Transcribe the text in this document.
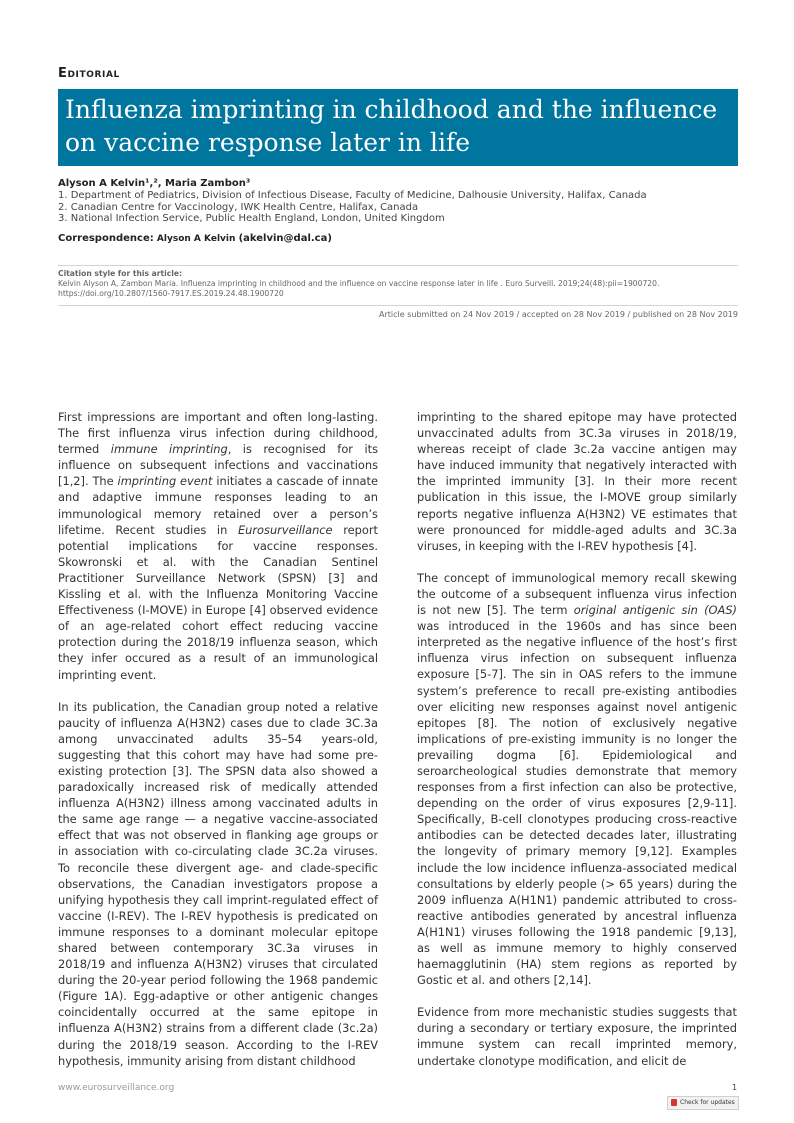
Editorial
Influenza imprinting in childhood and the influence on vaccine response later in life
Alyson A Kelvin¹,², Maria Zambon³
1. Department of Pediatrics, Division of Infectious Disease, Faculty of Medicine, Dalhousie University, Halifax, Canada
2. Canadian Centre for Vaccinology, IWK Health Centre, Halifax, Canada
3. National Infection Service, Public Health England, London, United Kingdom
Correspondence: Alyson A Kelvin (akelvin@dal.ca)
Citation style for this article:
Kelvin Alyson A, Zambon Maria. Influenza imprinting in childhood and the influence on vaccine response later in life . Euro Surveill. 2019;24(48):pii=1900720.
https://doi.org/10.2807/1560-7917.ES.2019.24.48.1900720
Article submitted on 24 Nov 2019 / accepted on 28 Nov 2019 / published on 28 Nov 2019

First impressions are important and often long-lasting. The first influenza virus infection during childhood, termed immune imprinting, is recognised for its influence on subsequent infections and vaccinations [1,2]. The imprinting event initiates a cascade of innate and adaptive immune responses leading to an immunological memory retained over a person’s lifetime. Recent studies in Eurosurveillance report potential implications for vaccine responses. Skowronski et al. with the Canadian Sentinel Practitioner Surveillance Network (SPSN) [3] and Kissling et al. with the Influenza Monitoring Vaccine Effectiveness (I-MOVE) in Europe [4] observed evidence of an age-related cohort effect reducing vaccine protection during the 2018/19 influenza season, which they infer occured as a result of an immunological imprinting event.

In its publication, the Canadian group noted a relative paucity of influenza A(H3N2) cases due to clade 3C.3a among unvaccinated adults 35–54 years-old, suggesting that this cohort may have had some pre-existing protection [3]. The SPSN data also showed a paradoxically increased risk of medically attended influenza A(H3N2) illness among vaccinated adults in the same age range — a negative vaccine-associated effect that was not observed in flanking age groups or in association with co-circulating clade 3C.2a viruses. To reconcile these divergent age- and clade-specific observations, the Canadian investigators propose a unifying hypothesis they call imprint-regulated effect of vaccine (I-REV). The I-REV hypothesis is predicated on immune responses to a dominant molecular epitope shared between contemporary 3C.3a viruses in 2018/19 and influenza A(H3N2) viruses that circulated during the 20-year period following the 1968 pandemic (Figure 1A). Egg-adaptive or other antigenic changes coincidentally occurred at the same epitope in influenza A(H3N2) strains from a different clade (3c.2a) during the 2018/19 season. According to the I-REV hypothesis, immunity arising from distant childhood

imprinting to the shared epitope may have protected unvaccinated adults from 3C.3a viruses in 2018/19, whereas receipt of clade 3c.2a vaccine antigen may have induced immunity that negatively interacted with the imprinted immunity [3]. In their more recent publication in this issue, the I-MOVE group similarly reports negative influenza A(H3N2) VE estimates that were pronounced for middle-aged adults and 3C.3a viruses, in keeping with the I-REV hypothesis [4].

The concept of immunological memory recall skewing the outcome of a subsequent influenza virus infection is not new [5]. The term original antigenic sin (OAS) was introduced in the 1960s and has since been interpreted as the negative influence of the host’s first influenza virus infection on subsequent influenza exposure [5-7]. The sin in OAS refers to the immune system’s preference to recall pre-existing antibodies over eliciting new responses against novel antigenic epitopes [8]. The notion of exclusively negative implications of pre-existing immunity is no longer the prevailing dogma [6]. Epidemiological and seroarcheological studies demonstrate that memory responses from a first infection can also be protective, depending on the order of virus exposures [2,9-11]. Specifically, B-cell clonotypes producing cross-reactive antibodies can be detected decades later, illustrating the longevity of primary memory [9,12]. Examples include the low incidence influenza-associated medical consultations by elderly people (> 65 years) during the 2009 influenza A(H1N1) pandemic attributed to cross-reactive antibodies generated by ancestral influenza A(H1N1) viruses following the 1918 pandemic [9,13], as well as immune memory to highly conserved haemagglutinin (HA) stem regions as reported by Gostic et al. and others [2,14].

Evidence from more mechanistic studies suggests that during a secondary or tertiary exposure, the imprinted immune system can recall imprinted memory, undertake clonotype modification, and elicit de

www.eurosurveillance.org	1
Check for updates
